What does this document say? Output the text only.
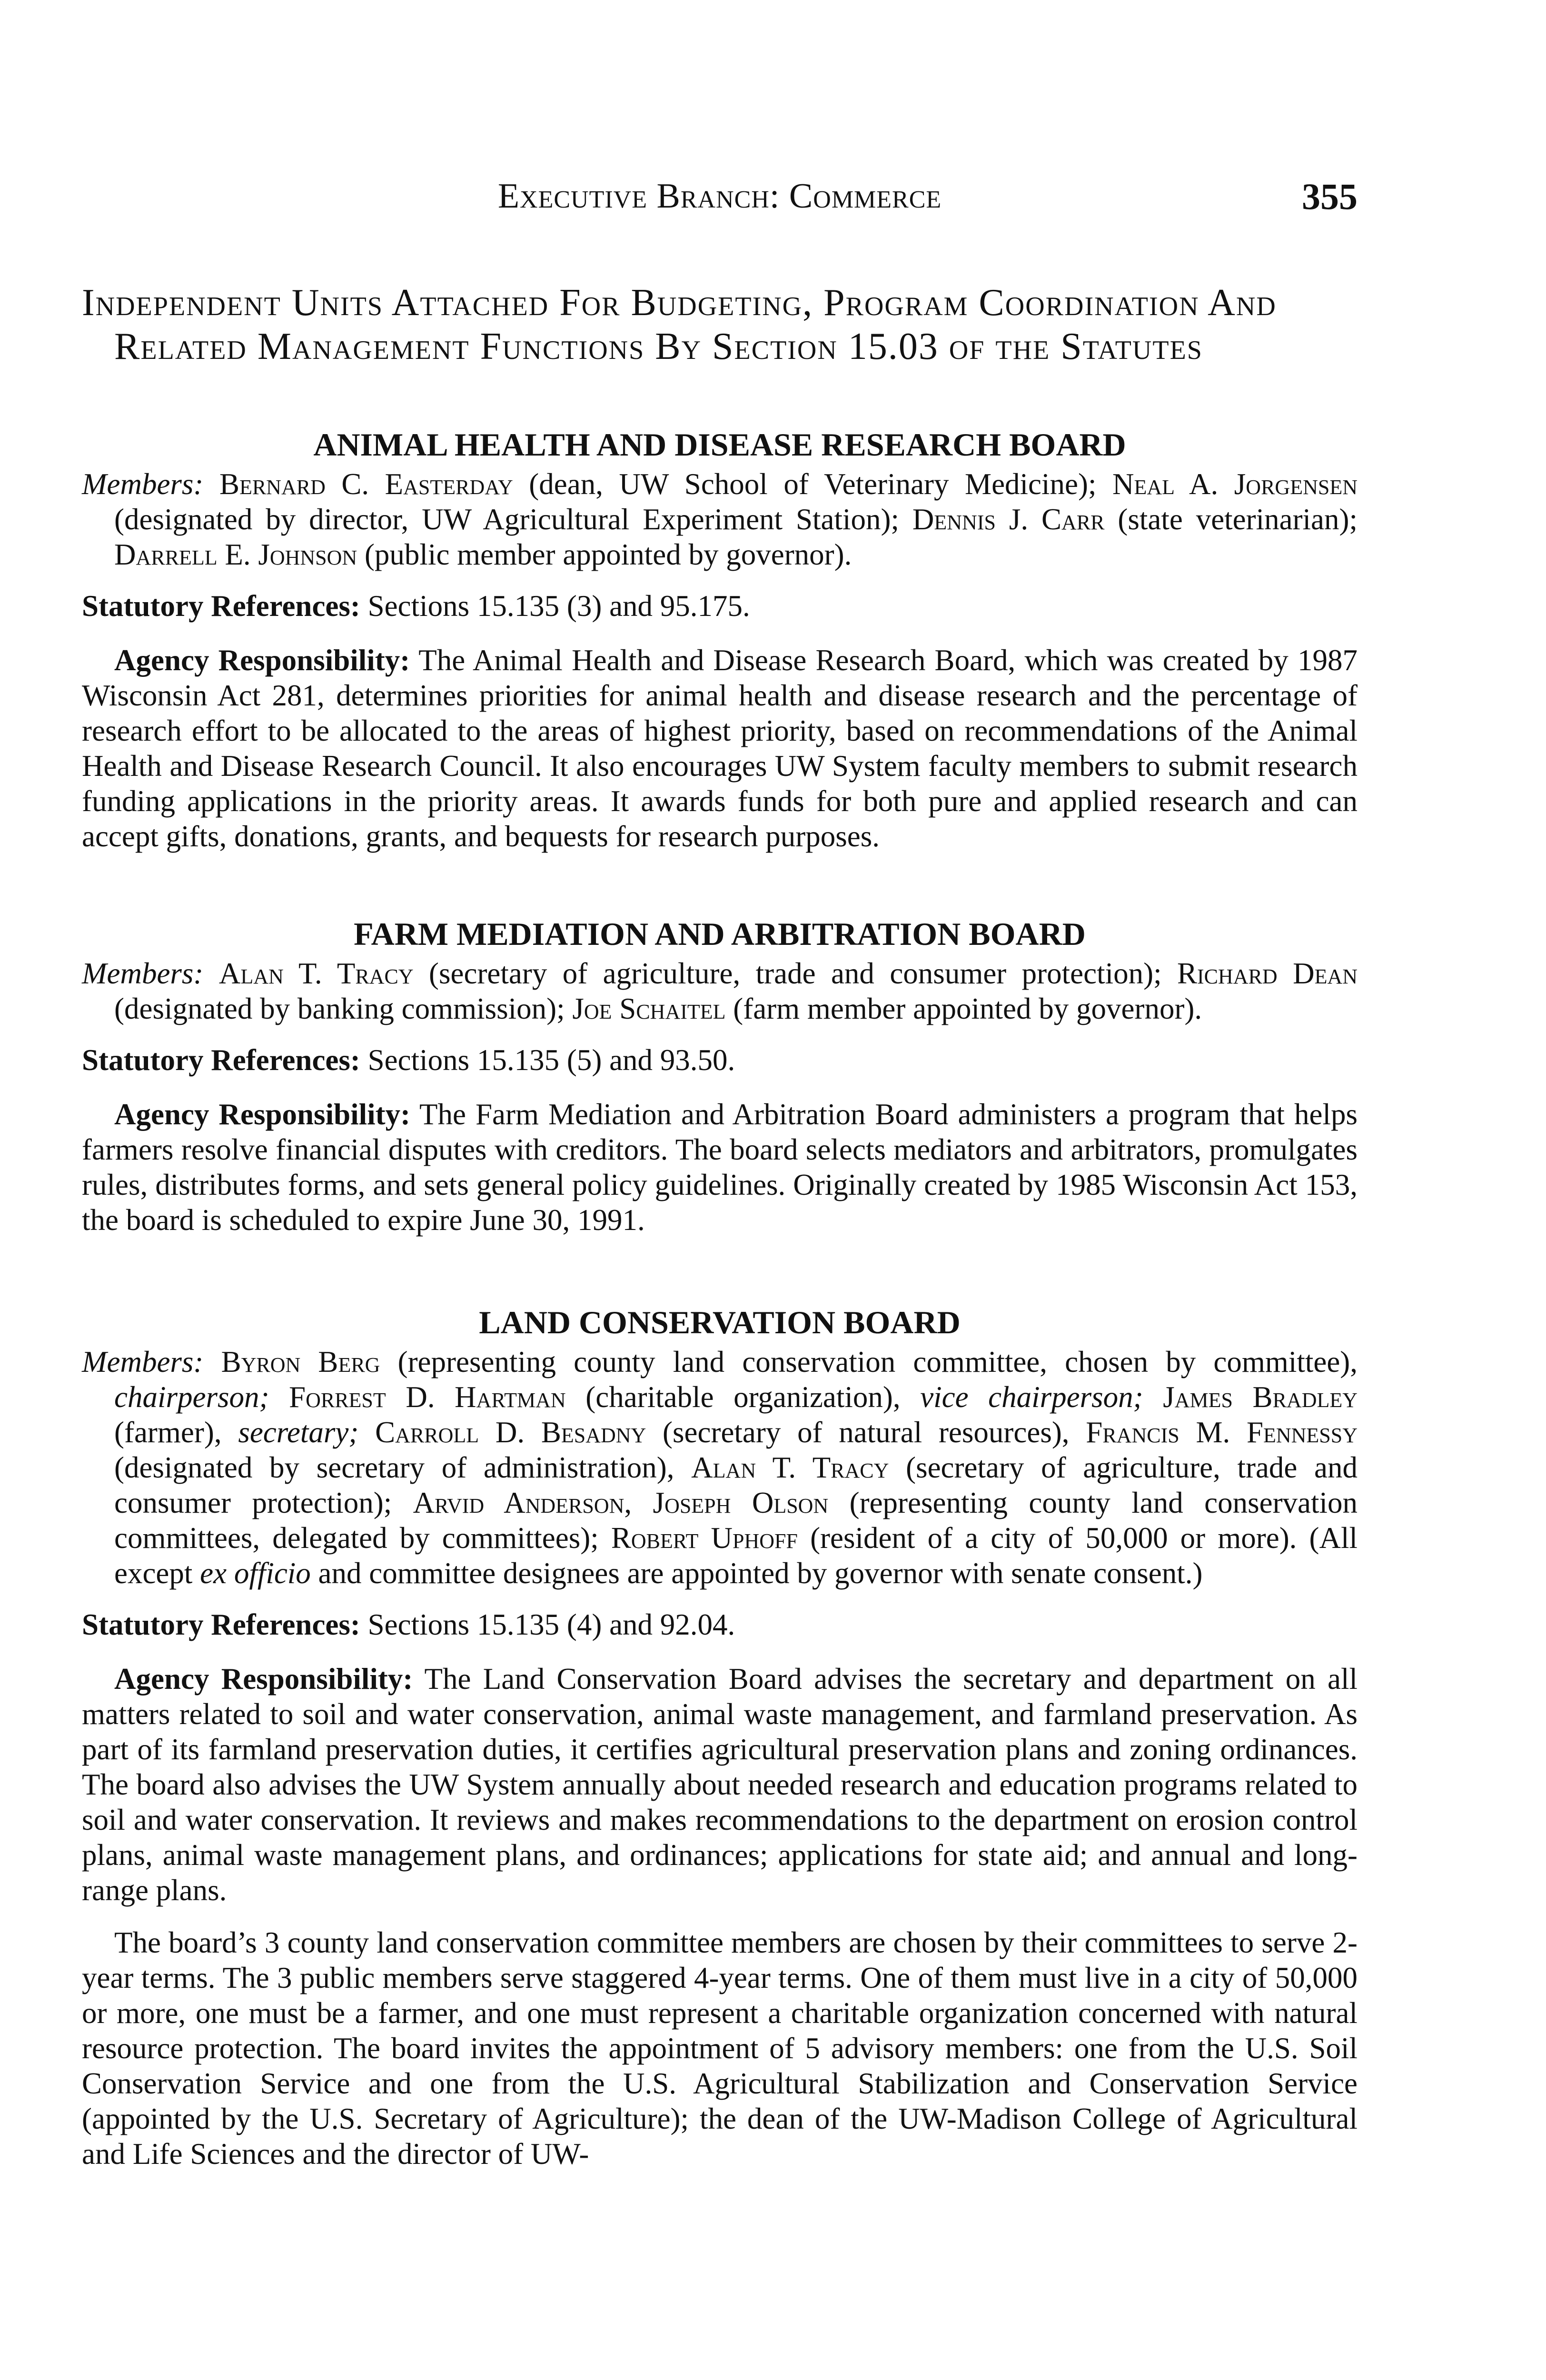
Executive Branch: Commerce	355
Independent Units Attached For Budgeting, Program Coordination And Related Management Functions By Section 15.03 of the Statutes
ANIMAL HEALTH AND DISEASE RESEARCH BOARD

Members: Bernard C. Easterday (dean, UW School of Veterinary Medicine); Neal A. Jorgensen (designated by director, UW Agricultural Experiment Station); Dennis J. Carr (state veterinarian); Darrell E. Johnson (public member appointed by governor).

Statutory References: Sections 15.135 (3) and 95.175.

Agency Responsibility: The Animal Health and Disease Research Board, which was created by 1987 Wisconsin Act 281, determines priorities for animal health and disease research and the percentage of research effort to be allocated to the areas of highest priority, based on recommendations of the Animal Health and Disease Research Council. It also encourages UW System faculty members to submit research funding applications in the priority areas. It awards funds for both pure and applied research and can accept gifts, donations, grants, and bequests for research purposes.

FARM MEDIATION AND ARBITRATION BOARD

Members: Alan T. Tracy (secretary of agriculture, trade and consumer protection); Richard Dean (designated by banking commission); Joe Schaitel (farm member appointed by governor).

Statutory References: Sections 15.135 (5) and 93.50.

Agency Responsibility: The Farm Mediation and Arbitration Board administers a program that helps farmers resolve financial disputes with creditors. The board selects mediators and arbitrators, promulgates rules, distributes forms, and sets general policy guidelines. Originally created by 1985 Wisconsin Act 153, the board is scheduled to expire June 30, 1991.

LAND CONSERVATION BOARD

Members: Byron Berg (representing county land conservation committee, chosen by committee), chairperson; Forrest D. Hartman (charitable organization), vice chairperson; James Bradley (farmer), secretary; Carroll D. Besadny (secretary of natural resources), Francis M. Fennessy (designated by secretary of administration), Alan T. Tracy (secretary of agriculture, trade and consumer protection); Arvid Anderson, Joseph Olson (representing county land conservation committees, delegated by committees); Robert Uphoff (resident of a city of 50,000 or more). (All except ex officio and committee designees are appointed by governor with senate consent.)

Statutory References: Sections 15.135 (4) and 92.04.

Agency Responsibility: The Land Conservation Board advises the secretary and department on all matters related to soil and water conservation, animal waste management, and farmland preservation. As part of its farmland preservation duties, it certifies agricultural preservation plans and zoning ordinances. The board also advises the UW System annually about needed research and education programs related to soil and water conservation. It reviews and makes recommendations to the department on erosion control plans, animal waste management plans, and ordinances; applications for state aid; and annual and long-range plans.

The board’s 3 county land conservation committee members are chosen by their committees to serve 2-year terms. The 3 public members serve staggered 4-year terms. One of them must live in a city of 50,000 or more, one must be a farmer, and one must represent a charitable organization concerned with natural resource protection. The board invites the appointment of 5 advisory members: one from the U.S. Soil Conservation Service and one from the U.S. Agricultural Stabilization and Conservation Service (appointed by the U.S. Secretary of Agriculture); the dean of the UW-Madison College of Agricultural and Life Sciences and the director of UW-
